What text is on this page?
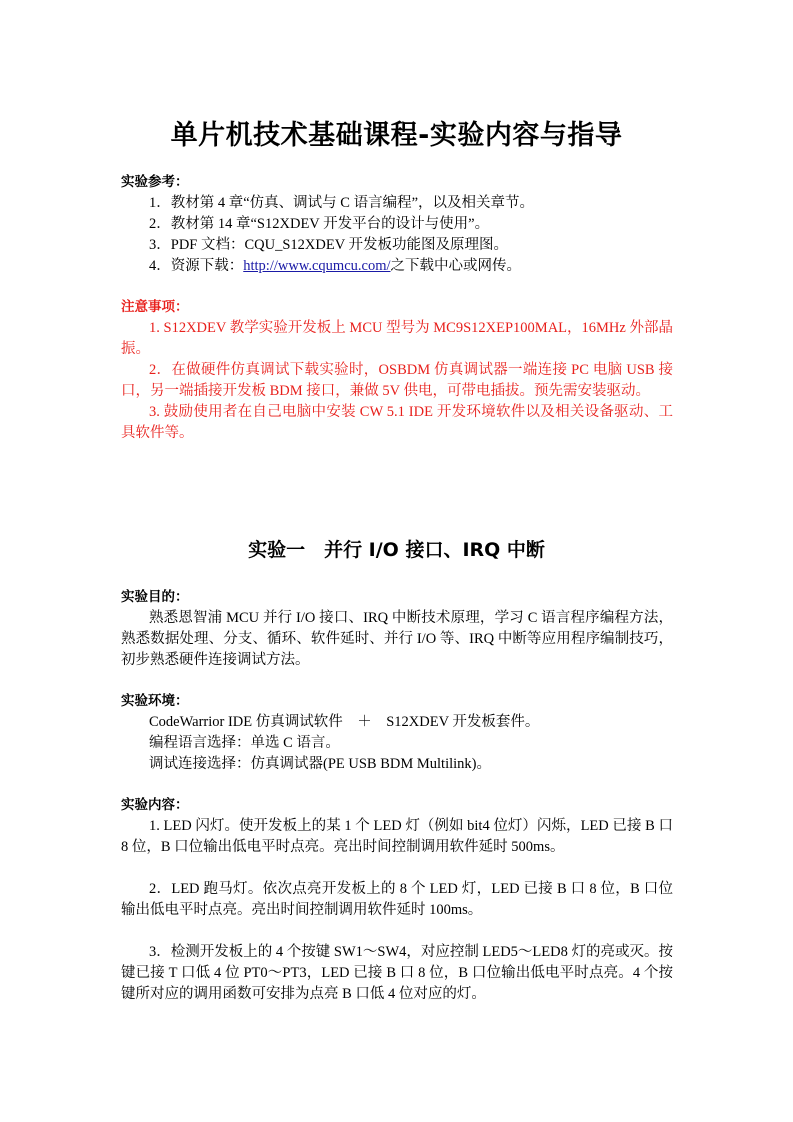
单片机技术基础课程-实验内容与指导
实验参考：
1．教材第 4 章“仿真、调试与 C 语言编程”，以及相关章节。
2．教材第 14 章“S12XDEV 开发平台的设计与使用”。
3．PDF 文档：CQU_S12XDEV 开发板功能图及原理图。
4．资源下载：http://www.cqumcu.com/之下载中心或网传。
注意事项：
1. S12XDEV 教学实验开发板上 MCU 型号为 MC9S12XEP100MAL，16MHz 外部晶振。
2．在做硬件仿真调试下载实验时，OSBDM 仿真调试器一端连接 PC 电脑 USB 接口，另一端插接开发板 BDM 接口，兼做 5V 供电，可带电插拔。预先需安装驱动。
3. 鼓励使用者在自己电脑中安装 CW 5.1 IDE 开发环境软件以及相关设备驱动、工具软件等。
实验一　并行 I/O 接口、IRQ 中断
实验目的：
熟悉恩智浦 MCU 并行 I/O 接口、IRQ 中断技术原理，学习 C 语言程序编程方法，熟悉数据处理、分支、循环、软件延时、并行 I/O 等、IRQ 中断等应用程序编制技巧，初步熟悉硬件连接调试方法。
实验环境：
CodeWarrior IDE 仿真调试软件　＋　S12XDEV 开发板套件。
编程语言选择：单选 C 语言。
调试连接选择：仿真调试器(PE USB BDM Multilink)。
实验内容：
1. LED 闪灯。使开发板上的某 1 个 LED 灯（例如 bit4 位灯）闪烁，LED 已接 B 口 8 位，B 口位输出低电平时点亮。亮出时间控制调用软件延时 500ms。
2．LED 跑马灯。依次点亮开发板上的 8 个 LED 灯，LED 已接 B 口 8 位，B 口位输出低电平时点亮。亮出时间控制调用软件延时 100ms。
3．检测开发板上的 4 个按键 SW1～SW4，对应控制 LED5～LED8 灯的亮或灭。按键已接 T 口低 4 位 PT0～PT3，LED 已接 B 口 8 位，B 口位输出低电平时点亮。4 个按键所对应的调用函数可安排为点亮 B 口低 4 位对应的灯。
